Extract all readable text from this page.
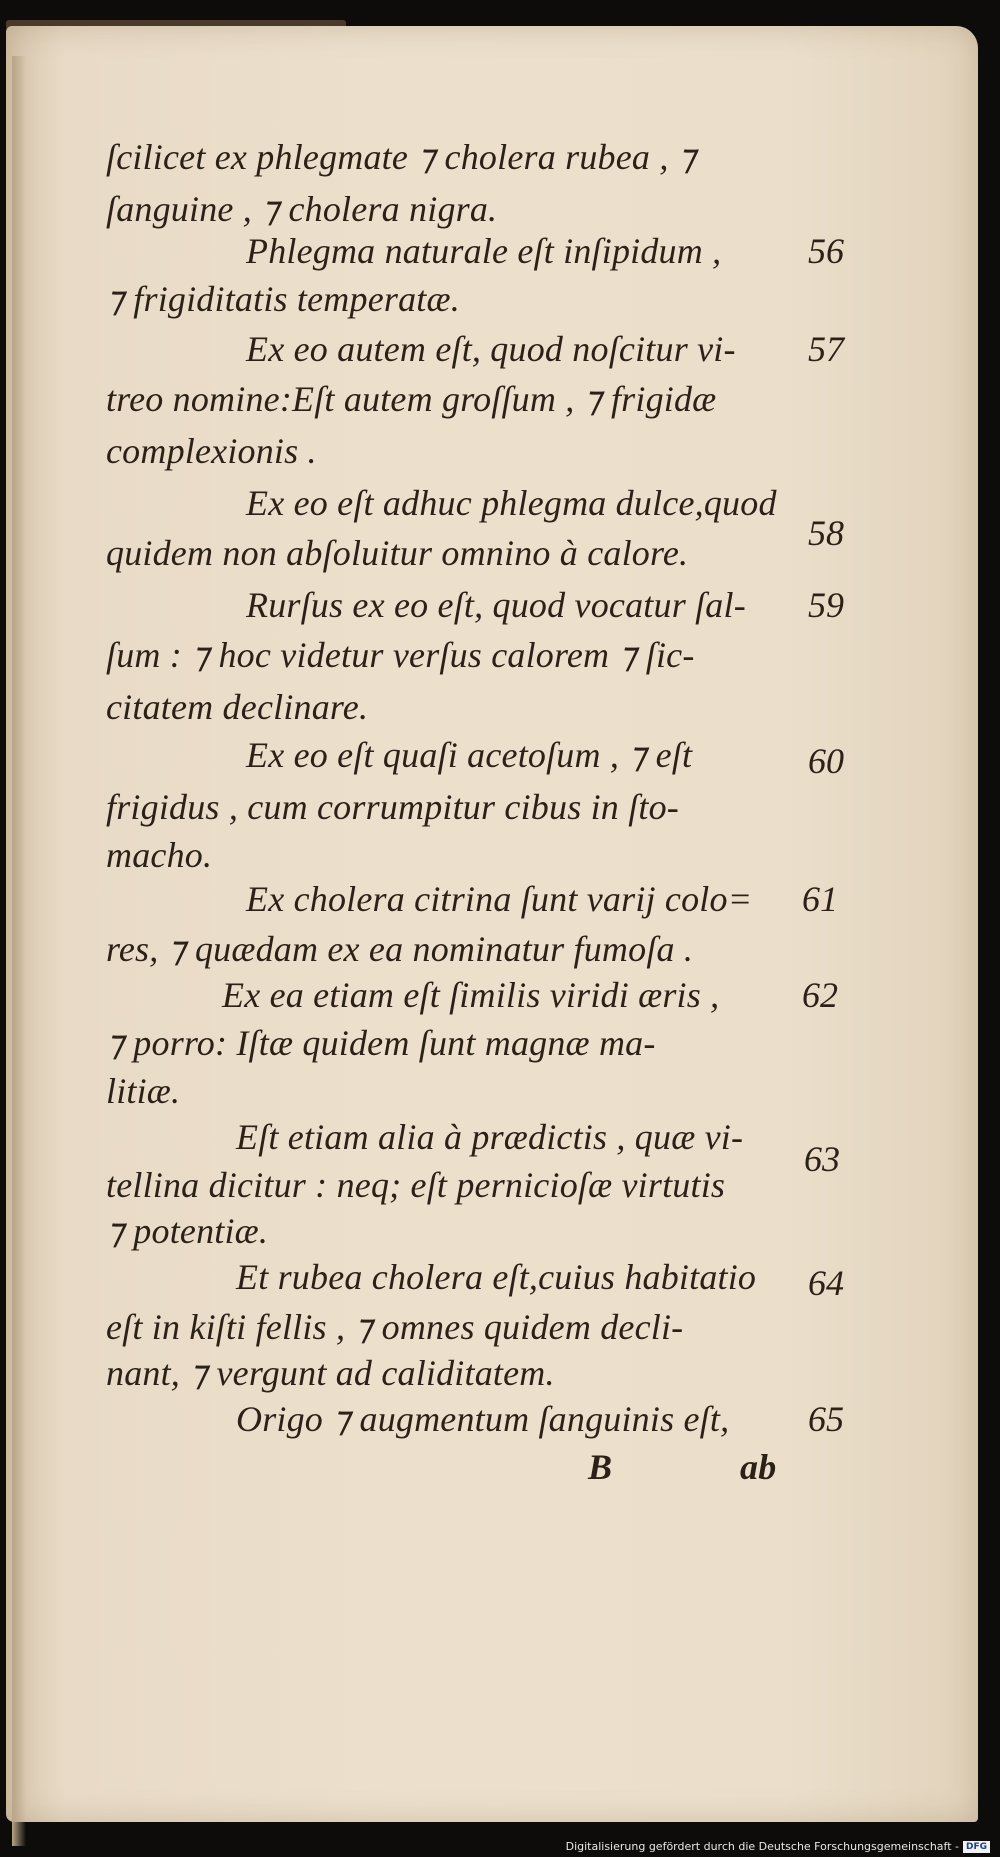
ſcilicet ex phlegmate ⁊ cholera rubea , ⁊
ſanguine , ⁊ cholera nigra.
Phlegma naturale eſt inſipidum ,
⁊ frigiditatis temperatæ.
Ex eo autem eſt, quod noſcitur vi-
treo nomine:Eſt autem groſſum , ⁊ frigidæ
complexionis .
Ex eo eſt adhuc phlegma dulce,quod
quidem non abſoluitur omnino à calore.
Rurſus ex eo eſt, quod vocatur ſal-
ſum : ⁊ hoc videtur verſus calorem ⁊ ſic-
citatem declinare.
Ex eo eſt quaſi acetoſum , ⁊ eſt
frigidus , cum corrumpitur cibus in ſto-
macho.
Ex cholera citrina ſunt varij colo=
res, ⁊ quædam ex ea nominatur fumoſa .
Ex ea etiam eſt ſimilis viridi æris ,
⁊ porro: Iſtæ quidem ſunt magnæ ma-
litiæ.
Eſt etiam alia à prædictis , quæ vi-
tellina dicitur : neq; eſt pernicioſæ virtutis
⁊ potentiæ.
Et rubea cholera eſt,cuius habitatio
eſt in kiſti fellis , ⁊ omnes quidem decli-
nant, ⁊ vergunt ad caliditatem.
Origo ⁊ augmentum ſanguinis eſt,
56
57
58
59
60
61
62
63
64
65
B	ab
Digitalisierung gefördert durch die Deutsche Forschungsgemeinschaft - DFG
